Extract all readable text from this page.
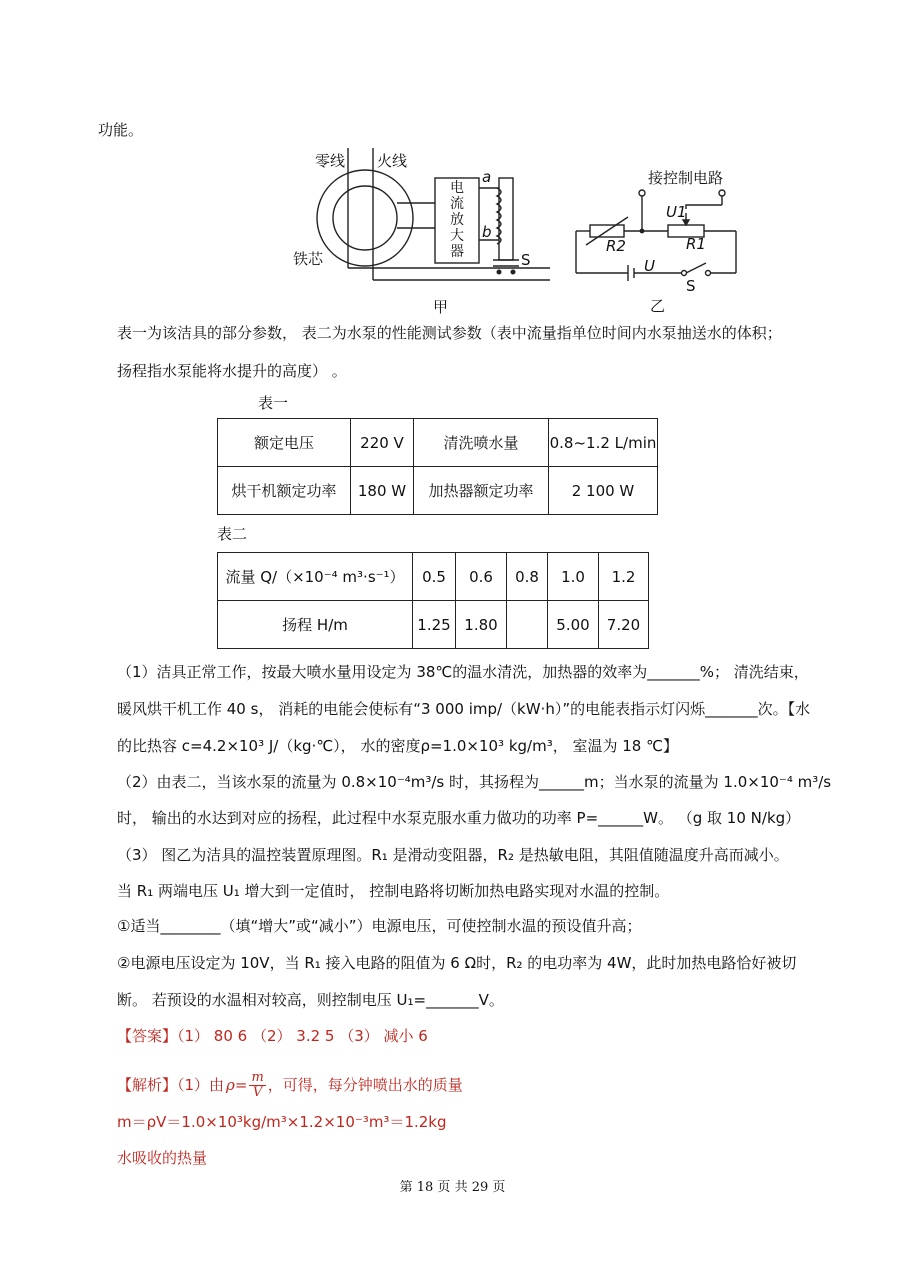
功能。
零线 火线
铁芯
电
流
放
大
器
a
b
S
甲
接控制电路
U1
R1
R2
U
S
乙
表一为该洁具的部分参数， 表二为水泵的性能测试参数（表中流量指单位时间内水泵抽送水的体积；
扬程指水泵能将水提升的高度） 。
表一
额定电压	220 V	清洗喷水量	0.8~1.2 L/min
烘干机额定功率	180 W	加热器额定功率	2 100 W
表二
流量 Q/（×10⁻⁴ m³·s⁻¹）	0.5	0.6	0.8	1.0	1.2
扬程 H/m	1.25	1.80		5.00	7.20
（1）洁具正常工作，按最大喷水量用设定为 38℃的温水清洗，加热器的效率为_______%； 清洗结束，
暖风烘干机工作 40 s， 消耗的电能会使标有“3 000 imp/（kW·h）”的电能表指示灯闪烁_______次。【水
的比热容 c=4.2×10³ J/（kg·℃）， 水的密度ρ=1.0×10³ kg/m³， 室温为 18 ℃】
（2）由表二，当该水泵的流量为 0.8×10⁻⁴m³/s 时，其扬程为______m；当水泵的流量为 1.0×10⁻⁴ m³/s
时， 输出的水达到对应的扬程，此过程中水泵克服水重力做功的功率 P=______W。 （g 取 10 N/kg）
（3） 图乙为洁具的温控装置原理图。R₁ 是滑动变阻器，R₂ 是热敏电阻，其阻值随温度升高而减小。
当 R₁ 两端电压 U₁ 增大到一定值时， 控制电路将切断加热电路实现对水温的控制。
①适当________（填“增大”或“减小”）电源电压，可使控制水温的预设值升高；
②电源电压设定为 10V，当 R₁ 接入电路的阻值为 6 Ω时，R₂ 的电功率为 4W，此时加热电路恰好被切
断。 若预设的水温相对较高，则控制电压 U₁=_______V。
【答案】（1） 80 6 （2） 3.2 5 （3） 减小 6
【解析】（1）由 $\rho= \frac{m}{V}$ ，可得，每分钟喷出水的质量
m＝ρV＝1.0×10³kg/m³×1.2×10⁻³m³＝1.2kg
水吸收的热量
第 18 页 共 29 页
